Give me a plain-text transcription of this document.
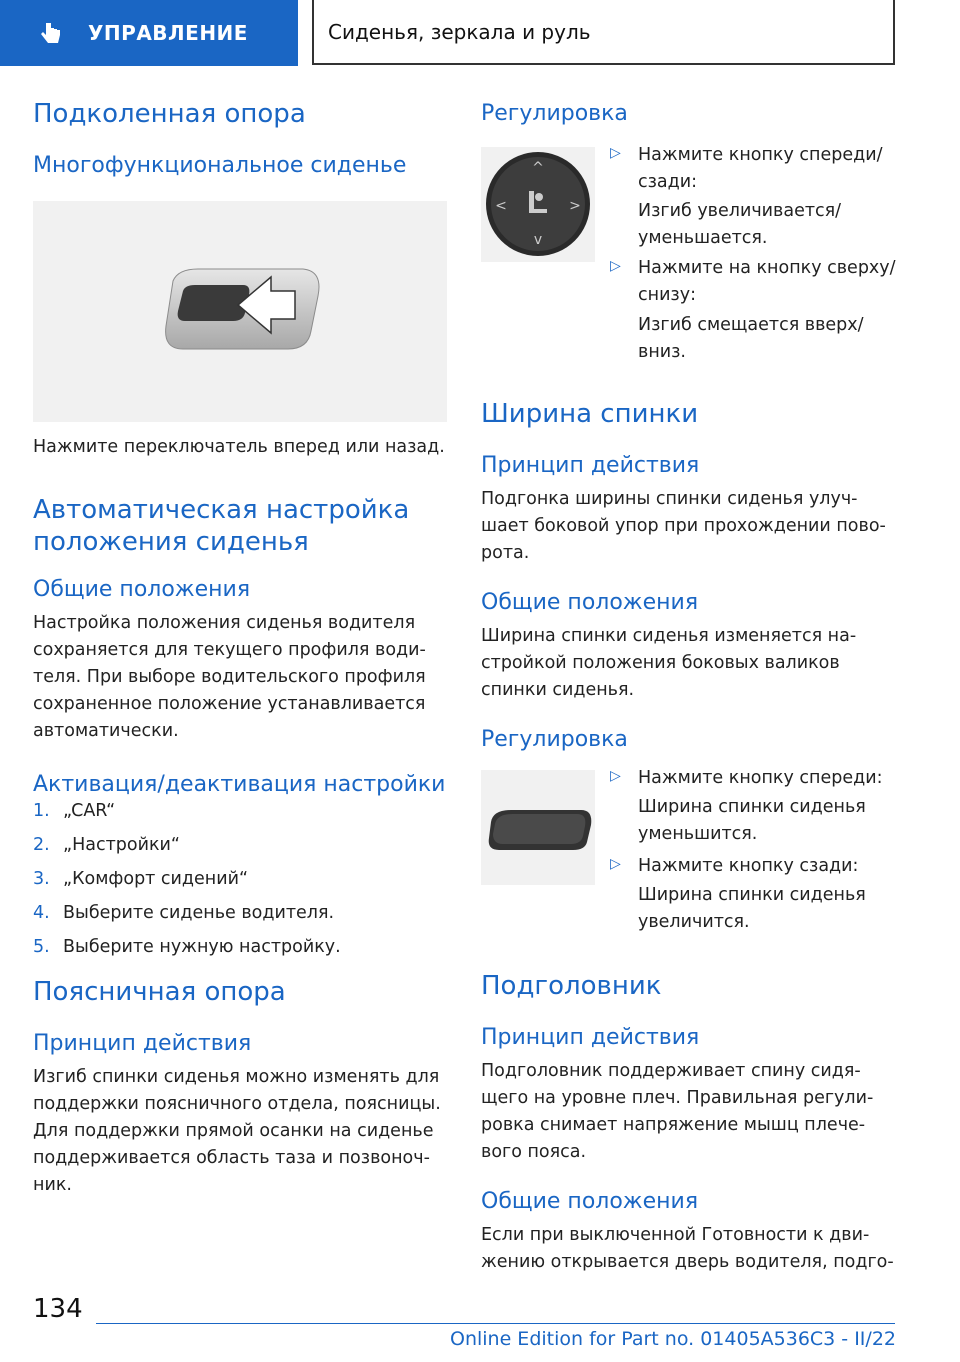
УПРАВЛЕНИЕ	Сиденья, зеркала и руль
Подколенная опора
Многофункциональное сиденье

Нажмите переключатель вперед или назад.

Автоматическая настройка
положения сиденья
Общие положения

Настройка положения сиденья водителя

сохраняется для текущего профиля води-

теля. При выборе водительского профиля

сохраненное положение устанавливается

автоматически.

Активация/деактивация настройки
1. „CAR“
2. „Настройки“
3. „Комфорт сидений“
4. Выберите сиденье водителя.
5. Выберите нужную настройку.
Поясничная опора
Принцип действия

Изгиб спинки сиденья можно изменять для

поддержки поясничного отдела, поясницы.

Для поддержки прямой осанки на сиденье

поддерживается область таза и позвоноч-

ник.

Регулировка
^
v
<	>
▷ Нажмите кнопку спереди/
сзади:
Изгиб увеличивается/
уменьшается.
▷ Нажмите на кнопку сверху/
снизу:
Изгиб смещается вверх/
вниз.
Ширина спинки
Принцип действия

Подгонка ширины спинки сиденья улуч-

шает боковой упор при прохождении пово-

рота.

Общие положения

Ширина спинки сиденья изменяется на-

стройкой положения боковых валиков

спинки сиденья.

Регулировка
▷ Нажмите кнопку спереди:
Ширина спинки сиденья
уменьшится.
▷ Нажмите кнопку сзади:
Ширина спинки сиденья
увеличится.
Подголовник
Принцип действия

Подголовник поддерживает спину сидя-

щего на уровне плеч. Правильная регули-

ровка снимает напряжение мышц плече-

вого пояса.

Общие положения

Если при выключенной Готовности к дви-

жению открывается дверь водителя, подго-

134
Online Edition for Part no. 01405A536C3 - II/22
